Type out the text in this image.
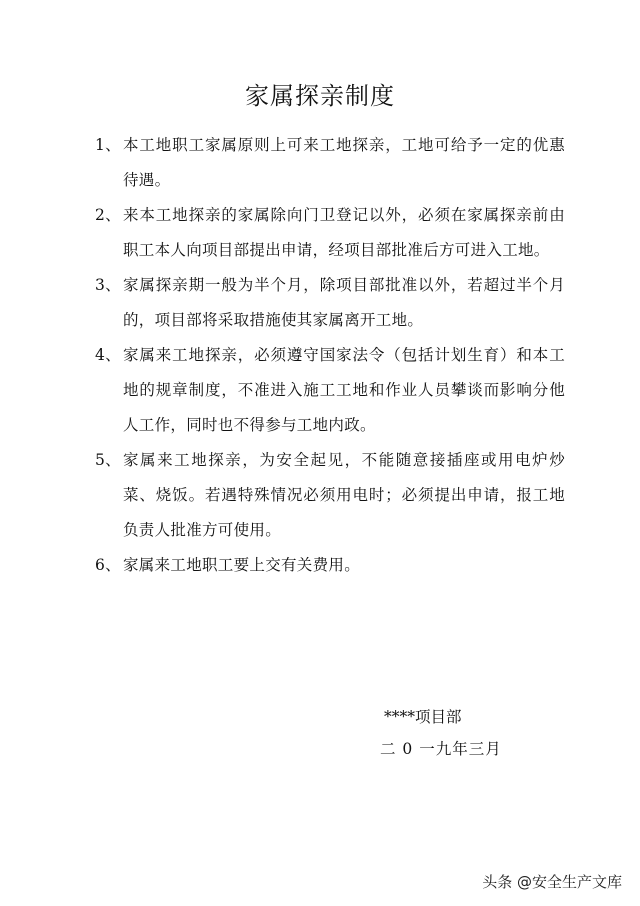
家属探亲制度
1、 本工地职工家属原则上可来工地探亲，工地可给予一定的优惠待遇。
2、 来本工地探亲的家属除向门卫登记以外，必须在家属探亲前由职工本人向项目部提出申请，经项目部批准后方可进入工地。
3、 家属探亲期一般为半个月，除项目部批准以外，若超过半个月的，项目部将采取措施使其家属离开工地。
4、 家属来工地探亲，必须遵守国家法令（包括计划生育）和本工地的规章制度，不准进入施工工地和作业人员攀谈而影响分他人工作，同时也不得参与工地内政。
5、 家属来工地探亲，为安全起见，不能随意接插座或用电炉炒菜、烧饭。若遇特殊情况必须用电时；必须提出申请，报工地负责人批准方可使用。
6、 家属来工地职工要上交有关费用。
****项目部
二 0 一九年三月
头条 @安全生产文库
